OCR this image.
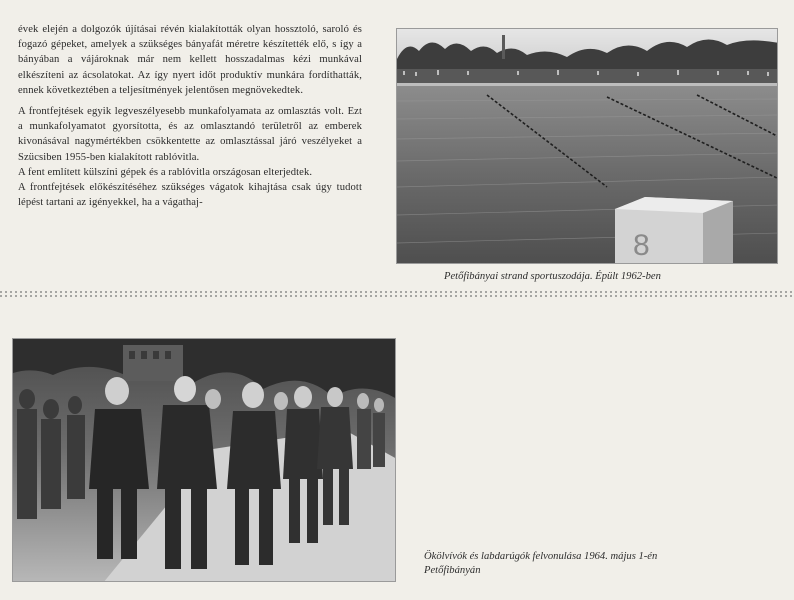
évek elején a dolgozók újításai révén kialakították olyan hossztoló, saroló és fogazó gépeket, amelyek a szükséges bányafát méretre készítették elő, s így a bányában a vájároknak már nem kellett hosszadalmas kézi munkával elkészíteni az ácsolatokat. Az így nyert időt produktív munkára fordíthatták, ennek következtében a teljesítmények jelentősen megnövekedtek.

A frontfejtések egyik legveszélyesebb munkafolyamata az omlasztás volt. Ezt a munkafolyamatot gyorsította, és az omlasztandó területről az emberek kivonásával nagymértékben csökkentette az omlasztással járó veszélyeket a Szücsiben 1955-ben kialakított rablóvitla.

A fent említett külszíni gépek és a rablóvitla országosan elterjedtek.

A frontfejtések előkészítéséhez szükséges vágatok kihajtása csak úgy tudott lépést tartani az igényekkel, ha a vágathaj-

8
Petőfibányai strand sportuszodája. Épült 1962-ben
Ökölvívók és labdarúgók felvonulása 1964. május 1-én
Petőfibányán
